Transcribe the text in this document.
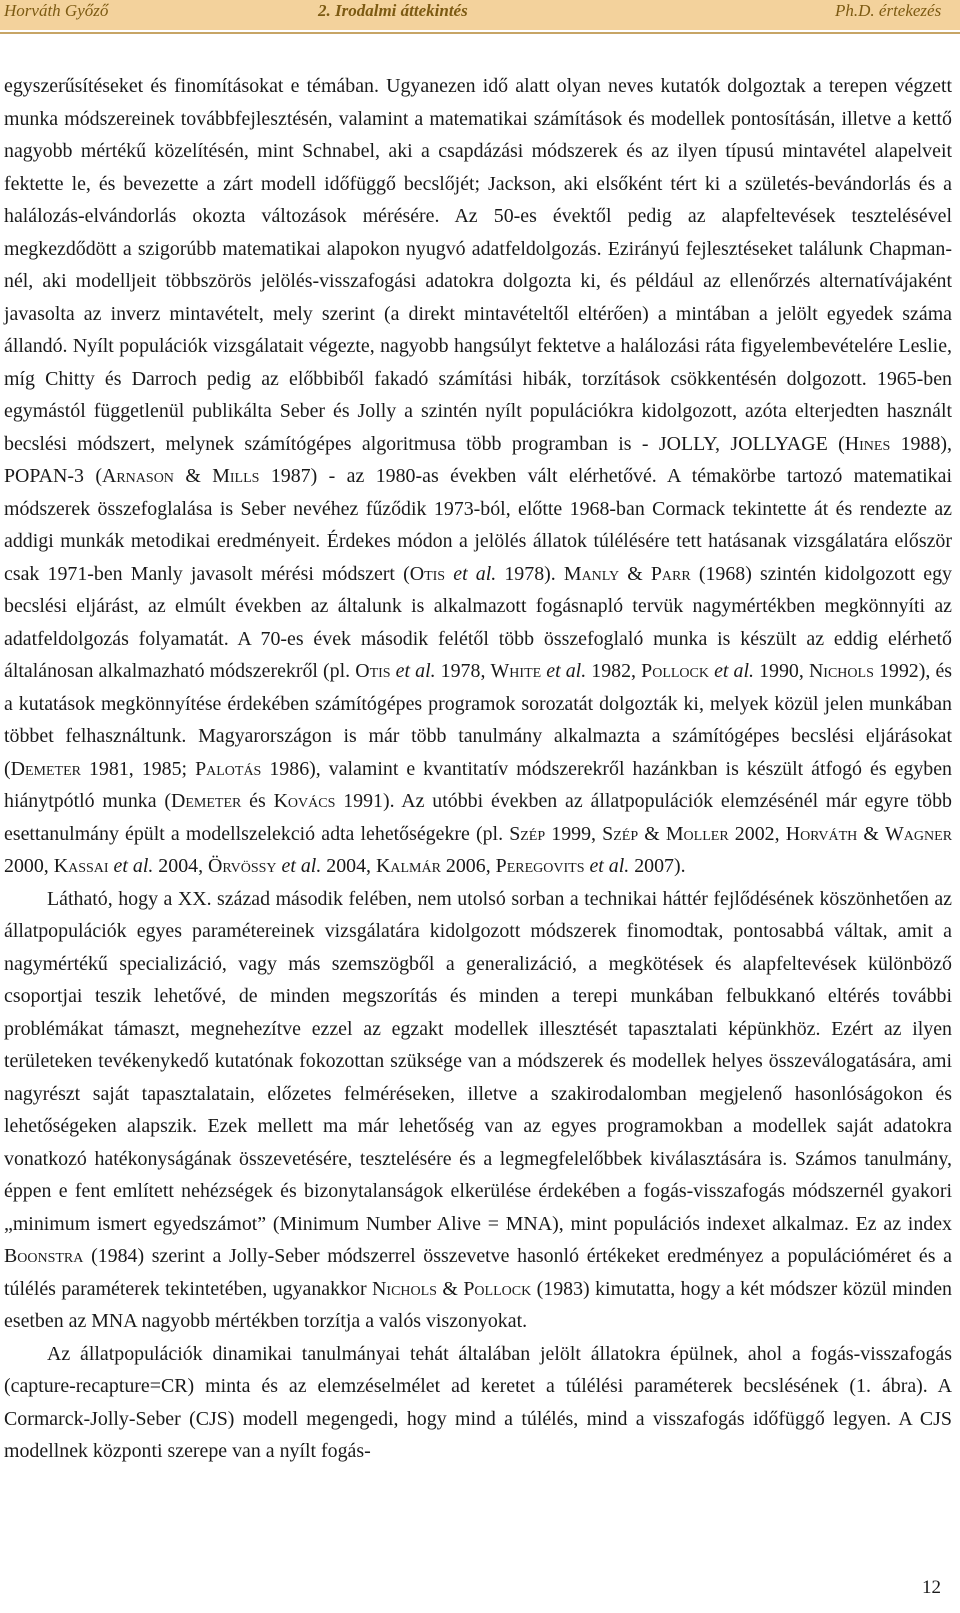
Horváth Győző	2. Irodalmi áttekintés	Ph.D. értekezés

egyszerűsítéseket és finomításokat e témában. Ugyanezen idő alatt olyan neves kutatók dolgoztak a terepen végzett munka módszereinek továbbfejlesztésén, valamint a matematikai számítások és modellek pontosításán, illetve a kettő nagyobb mértékű közelítésén, mint Schnabel, aki a csapdázási módszerek és az ilyen típusú mintavétel alapelveit fektette le, és bevezette a zárt modell időfüggő becslőjét; Jackson, aki elsőként tért ki a születés-bevándorlás és a halálozás-elvándorlás okozta változások mérésére. Az 50-es évektől pedig az alapfeltevések tesztelésével megkezdődött a szigorúbb matematikai alapokon nyugvó adatfeldolgozás. Ezirányú fejlesztéseket találunk Chapman-nél, aki modelljeit többszörös jelölés-visszafogási adatokra dolgozta ki, és például az ellenőrzés alternatívájaként javasolta az inverz mintavételt, mely szerint (a direkt mintavételtől eltérően) a mintában a jelölt egyedek száma állandó. Nyílt populációk vizsgálatait végezte, nagyobb hangsúlyt fektetve a halálozási ráta figyelembevételére Leslie, míg Chitty és Darroch pedig az előbbiből fakadó számítási hibák, torzítások csökkentésén dolgozott. 1965-ben egymástól függetlenül publikálta Seber és Jolly a szintén nyílt populációkra kidolgozott, azóta elterjedten használt becslési módszert, melynek számítógépes algoritmusa több programban is - JOLLY, JOLLYAGE (Hines 1988), POPAN-3 (Arnason & Mills 1987) - az 1980-as években vált elérhetővé. A témakörbe tartozó matematikai módszerek összefoglalása is Seber nevéhez fűződik 1973-ból, előtte 1968-ban Cormack tekintette át és rendezte az addigi munkák metodikai eredményeit. Érdekes módon a jelölés állatok túlélésére tett hatásanak vizsgálatára először csak 1971-ben Manly javasolt mérési módszert (Otis et al. 1978). Manly & Parr (1968) szintén kidolgozott egy becslési eljárást, az elmúlt években az általunk is alkalmazott fogásnapló tervük nagymértékben megkönnyíti az adatfeldolgozás folyamatát. A 70-es évek második felétől több összefoglaló munka is készült az eddig elérhető általánosan alkalmazható módszerekről (pl. Otis et al. 1978, White et al. 1982, Pollock et al. 1990, Nichols 1992), és a kutatások megkönnyítése érdekében számítógépes programok sorozatát dolgozták ki, melyek közül jelen munkában többet felhasználtunk. Magyarországon is már több tanulmány alkalmazta a számítógépes becslési eljárásokat (Demeter 1981, 1985; Palotás 1986), valamint e kvantitatív módszerekről hazánkban is készült átfogó és egyben hiánytpótló munka (Demeter és Kovács 1991). Az utóbbi években az állatpopulációk elemzésénél már egyre több esettanulmány épült a modellszelekció adta lehetőségekre (pl. Szép 1999, Szép & Moller 2002, Horváth & Wagner 2000, Kassai et al. 2004, Örvössy et al. 2004, Kalmár 2006, Peregovits et al. 2007).

Látható, hogy a XX. század második felében, nem utolsó sorban a technikai háttér fejlődésének köszönhetően az állatpopulációk egyes paramétereinek vizsgálatára kidolgozott módszerek finomodtak, pontosabbá váltak, amit a nagymértékű specializáció, vagy más szemszögből a generalizáció, a megkötések és alapfeltevések különböző csoportjai teszik lehetővé, de minden megszorítás és minden a terepi munkában felbukkanó eltérés további problémákat támaszt, megnehezítve ezzel az egzakt modellek illesztését tapasztalati képünkhöz. Ezért az ilyen területeken tevékenykedő kutatónak fokozottan szüksége van a módszerek és modellek helyes összeválogatására, ami nagyrészt saját tapasztalatain, előzetes felméréseken, illetve a szakirodalomban megjelenő hasonlóságokon és lehetőségeken alapszik. Ezek mellett ma már lehetőség van az egyes programokban a modellek saját adatokra vonatkozó hatékonyságának összevetésére, tesztelésére és a legmegfelelőbbek kiválasztására is. Számos tanulmány, éppen e fent említett nehézségek és bizonytalanságok elkerülése érdekében a fogás-visszafogás módszernél gyakori „minimum ismert egyedszámot” (Minimum Number Alive = MNA), mint populációs indexet alkalmaz. Ez az index Boonstra (1984) szerint a Jolly-Seber módszerrel összevetve hasonló értékeket eredményez a populációméret és a túlélés paraméterek tekintetében, ugyanakkor Nichols & Pollock (1983) kimutatta, hogy a két módszer közül minden esetben az MNA nagyobb mértékben torzítja a valós viszonyokat.

Az állatpopulációk dinamikai tanulmányai tehát általában jelölt állatokra épülnek, ahol a fogás-visszafogás (capture-recapture=CR) minta és az elemzéselmélet ad keretet a túlélési paraméterek becslésének (1. ábra). A Cormarck-Jolly-Seber (CJS) modell megengedi, hogy mind a túlélés, mind a visszafogás időfüggő legyen. A CJS modellnek központi szerepe van a nyílt fogás-

12
